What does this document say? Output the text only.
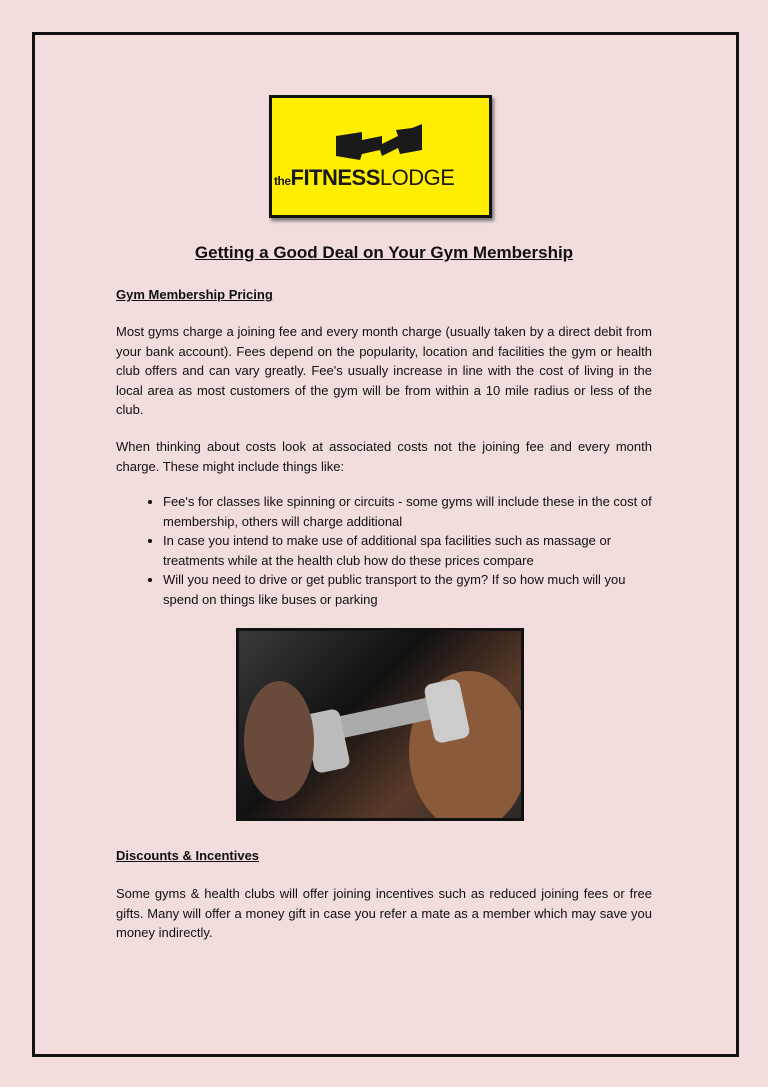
theFITNESSLODGE
Getting a Good Deal on Your Gym Membership
Gym Membership Pricing

Most gyms charge a joining fee and every month charge (usually taken by a direct debit from your bank account). Fees depend on the popularity, location and facilities the gym or health club offers and can vary greatly. Fee's usually increase in line with the cost of living in the local area as most customers of the gym will be from within a 10 mile radius or less of the club.

When thinking about costs look at associated costs not the joining fee and every month charge. These might include things like:

• Fee's for classes like spinning or circuits - some gyms will include these in the cost of membership, others will charge additional
• In case you intend to make use of additional spa facilities such as massage or treatments while at the health club how do these prices compare
• Will you need to drive or get public transport to the gym? If so how much will you spend on things like buses or parking
Discounts & Incentives

Some gyms & health clubs will offer joining incentives such as reduced joining fees or free gifts. Many will offer a money gift in case you refer a mate as a member which may save you money indirectly.
